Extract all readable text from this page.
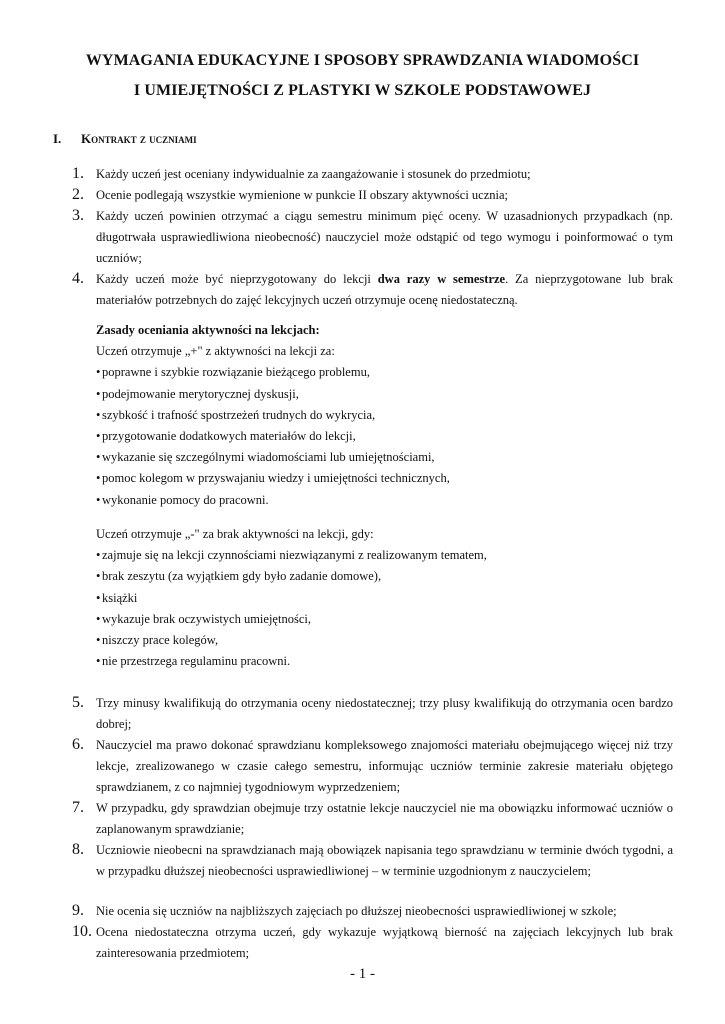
WYMAGANIA EDUKACYJNE I SPOSOBY SPRAWDZANIA WIADOMOŚCI
I UMIEJĘTNOŚCI Z PLASTYKI W SZKOLE PODSTAWOWEJ
I. Kontrakt z uczniami
1. Każdy uczeń jest oceniany indywidualnie za zaangażowanie i stosunek do przedmiotu;
2. Ocenie podlegają wszystkie wymienione w punkcie II obszary aktywności ucznia;
3. Każdy uczeń powinien otrzymać a ciągu semestru minimum pięć oceny. W uzasadnionych przypadkach (np. długotrwała usprawiedliwiona nieobecność) nauczyciel może odstąpić od tego wymogu i poinformować o tym uczniów;
4. Każdy uczeń może być nieprzygotowany do lekcji dwa razy w semestrze. Za nieprzygotowane lub brak materiałów potrzebnych do zajęć lekcyjnych uczeń otrzymuje ocenę niedostateczną.
Zasady oceniania aktywności na lekcjach:
Uczeń otrzymuje „+" z aktywności na lekcji za:
• poprawne i szybkie rozwiązanie bieżącego problemu,
• podejmowanie merytorycznej dyskusji,
• szybkość i trafność spostrzeżeń trudnych do wykrycia,
• przygotowanie dodatkowych materiałów do lekcji,
• wykazanie się szczególnymi wiadomościami lub umiejętnościami,
• pomoc kolegom w przyswajaniu wiedzy i umiejętności technicznych,
• wykonanie pomocy do pracowni.
Uczeń otrzymuje „-" za brak aktywności na lekcji, gdy:
• zajmuje się na lekcji czynnościami niezwiązanymi z realizowanym tematem,
• brak zeszytu (za wyjątkiem gdy było zadanie domowe),
• książki
• wykazuje brak oczywistych umiejętności,
• niszczy prace kolegów,
• nie przestrzega regulaminu pracowni.
5. Trzy minusy kwalifikują do otrzymania oceny niedostatecznej; trzy plusy kwalifikują do otrzymania ocen bardzo dobrej;
6. Nauczyciel ma prawo dokonać sprawdzianu kompleksowego znajomości materiału obejmującego więcej niż trzy lekcje, zrealizowanego w czasie całego semestru, informując uczniów terminie zakresie materiału objętego sprawdzianem, z co najmniej tygodniowym wyprzedzeniem;
7. W przypadku, gdy sprawdzian obejmuje trzy ostatnie lekcje nauczyciel nie ma obowiązku informować uczniów o zaplanowanym sprawdzianie;
8. Uczniowie nieobecni na sprawdzianach mają obowiązek napisania tego sprawdzianu w terminie dwóch tygodni, a w przypadku dłuższej nieobecności usprawiedliwionej – w terminie uzgodnionym z nauczycielem;
9. Nie ocenia się uczniów na najbliższych zajęciach po dłuższej nieobecności usprawiedliwionej w szkole;
10. Ocena niedostateczna otrzyma uczeń, gdy wykazuje wyjątkową bierność na zajęciach lekcyjnych lub brak zainteresowania przedmiotem;
- 1 -
